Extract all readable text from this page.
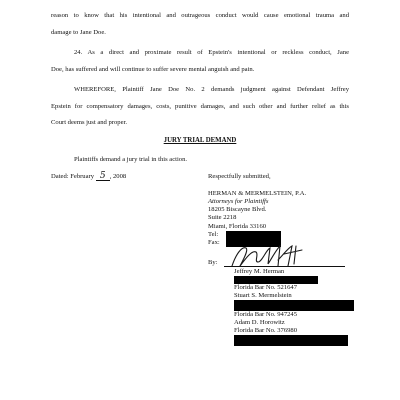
reason to know that his intentional and outrageous conduct would cause emotional trauma and
damage to Jane Doe.
24. As a direct and proximate result of Epstein's intentional or reckless conduct, Jane
Doe, has suffered and will continue to suffer severe mental anguish and pain.
WHEREFORE, Plaintiff Jane Doe No. 2 demands judgment against Defendant Jeffrey
Epstein for compensatory damages, costs, punitive damages, and such other and further relief as this
Court deems just and proper.
JURY TRIAL DEMAND
Plaintiffs demand a jury trial in this action.
Dated: February 5 , 2008	Respectfully submitted,
HERMAN & MERMELSTEIN, P.A.
Attorneys for Plaintiffs
18205 Biscayne Blvd.
Suite 2218
Miami, Florida 33160
Tel:
Fax:
By:
Jeffrey M. Herman
Florida Bar No. 521647
Stuart S. Mermelstein
Florida Bar No. 947245
Adam D. Horowitz
Florida Bar No. 376980
